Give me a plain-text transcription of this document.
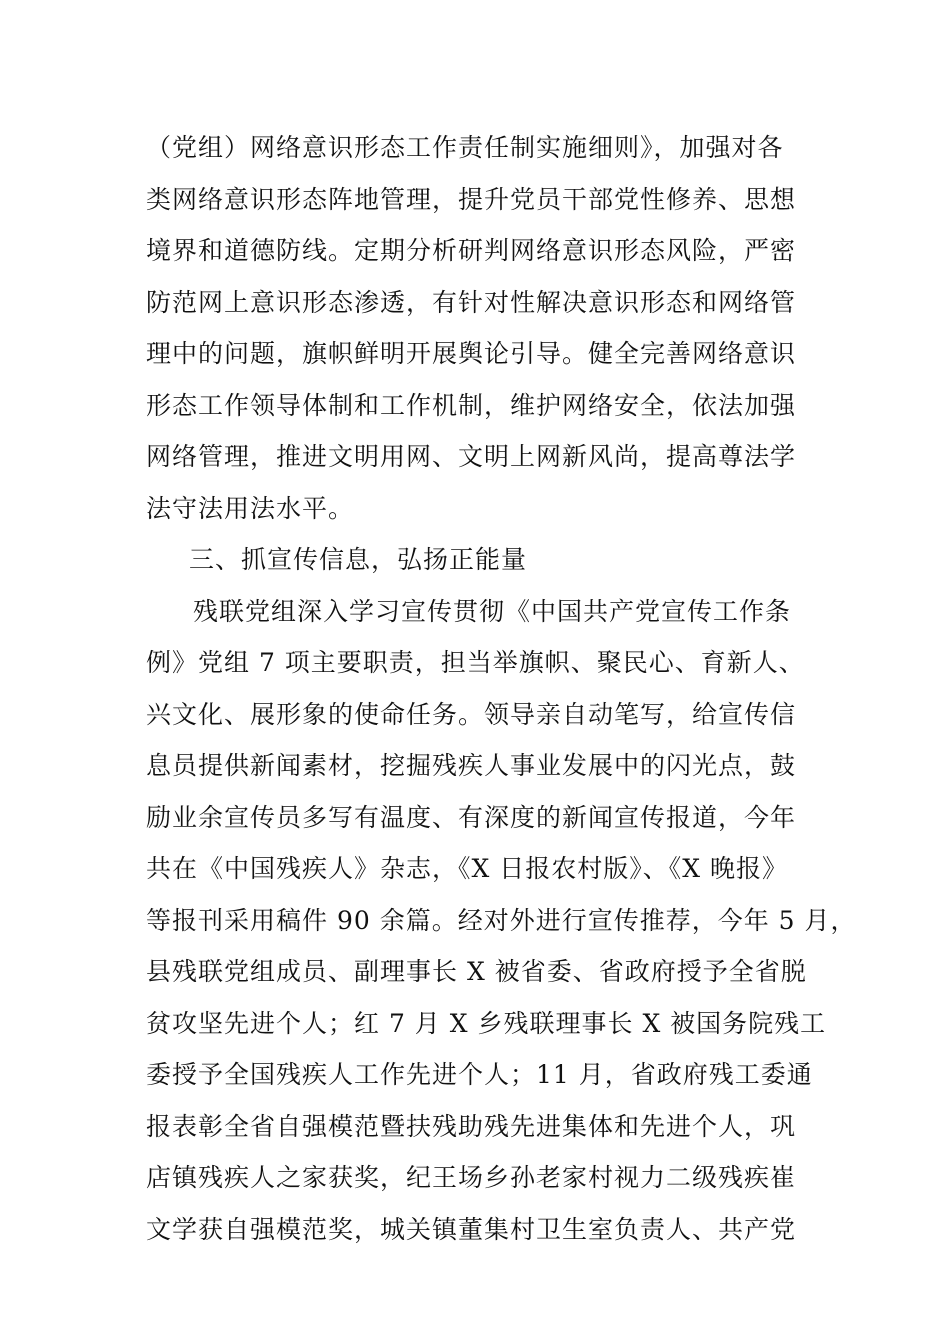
（党组）网络意识形态工作责任制实施细则》，加强对各
类网络意识形态阵地管理，提升党员干部党性修养、思想
境界和道德防线。定期分析研判网络意识形态风险，严密
防范网上意识形态渗透，有针对性解决意识形态和网络管
理中的问题，旗帜鲜明开展舆论引导。健全完善网络意识
形态工作领导体制和工作机制，维护网络安全，依法加强
网络管理，推进文明用网、文明上网新风尚，提高尊法学
法守法用法水平。
三、抓宣传信息，弘扬正能量
残联党组深入学习宣传贯彻《中国共产党宣传工作条
例》党组 7 项主要职责，担当举旗帜、聚民心、育新人、
兴文化、展形象的使命任务。领导亲自动笔写，给宣传信
息员提供新闻素材，挖掘残疾人事业发展中的闪光点，鼓
励业余宣传员多写有温度、有深度的新闻宣传报道，今年
共在《中国残疾人》杂志，《X 日报农村版》、《X 晚报》
等报刊采用稿件 90 余篇。经对外进行宣传推荐，今年 5 月，
县残联党组成员、副理事长 X 被省委、省政府授予全省脱
贫攻坚先进个人；红 7 月 X 乡残联理事长 X 被国务院残工
委授予全国残疾人工作先进个人；11 月，省政府残工委通
报表彰全省自强模范暨扶残助残先进集体和先进个人，巩
店镇残疾人之家获奖，纪王场乡孙老家村视力二级残疾崔
文学获自强模范奖，城关镇董集村卫生室负责人、共产党
